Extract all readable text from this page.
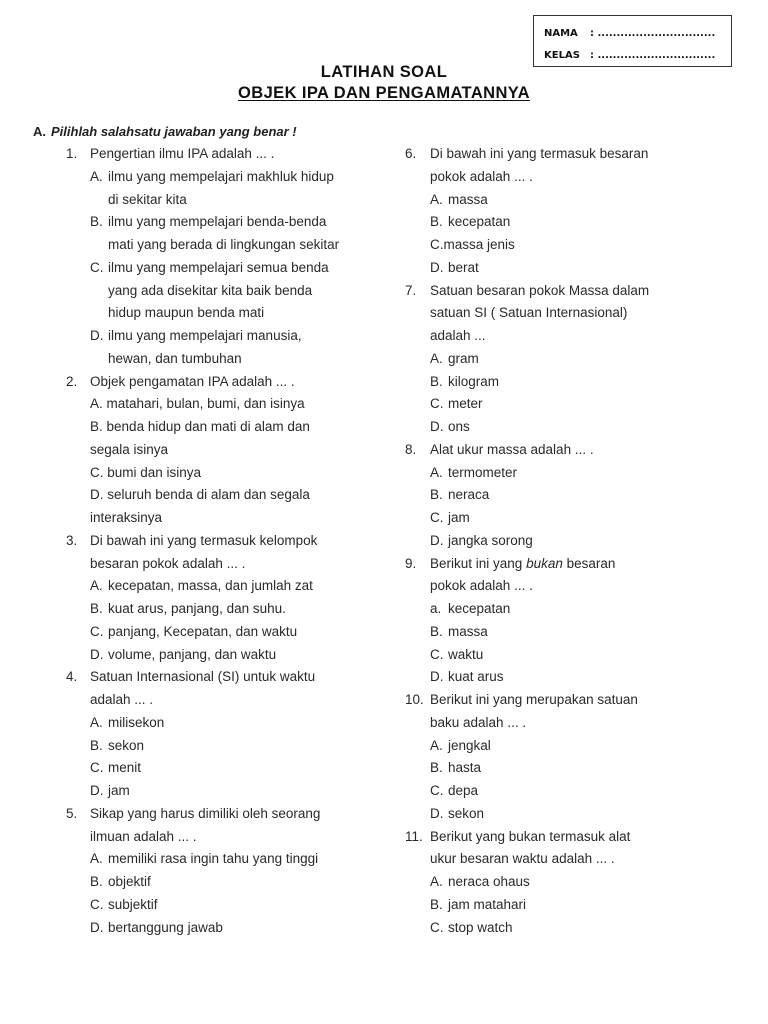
NAMA : ...............................
KELAS : ...............................
LATIHAN SOAL
OBJEK IPA DAN PENGAMATANNYA
A. Pilihlah salahsatu jawaban yang benar !
1. Pengertian ilmu IPA adalah ... .
A. ilmu yang mempelajari makhluk hidup
di sekitar kita
B. ilmu yang mempelajari benda-benda
mati yang berada di lingkungan sekitar
C. ilmu yang mempelajari semua benda
yang ada disekitar kita baik benda
hidup maupun benda mati
D. ilmu yang mempelajari manusia,
hewan, dan tumbuhan
2. Objek pengamatan IPA adalah ... .
A. matahari, bulan, bumi, dan isinya
B. benda hidup dan mati di alam dan
segala isinya
C. bumi dan isinya
D. seluruh benda di alam dan segala
interaksinya
3. Di bawah ini yang termasuk kelompok
besaran pokok adalah ... .
A. kecepatan, massa, dan jumlah zat
B. kuat arus, panjang, dan suhu.
C. panjang, Kecepatan, dan waktu
D. volume, panjang, dan waktu
4. Satuan Internasional (SI) untuk waktu
adalah ... .
A. milisekon
B. sekon
C. menit
D. jam
5. Sikap yang harus dimiliki oleh seorang
ilmuan adalah ... .
A. memiliki rasa ingin tahu yang tinggi
B. objektif
C. subjektif
D. bertanggung jawab
6.	Di bawah ini yang termasuk besaran
pokok adalah ... .
A. massa
B. kecepatan
C.massa jenis
D. berat
7.	Satuan besaran pokok Massa dalam
satuan SI ( Satuan Internasional)
adalah ...
A. gram
B. kilogram
C. meter
D. ons
8.	Alat ukur massa adalah ... .
A. termometer
B. neraca
C. jam
D. jangka sorong
9.	Berikut ini yang bukan besaran
pokok adalah ... .
a. kecepatan
B. massa
C. waktu
D. kuat arus
10. Berikut ini yang merupakan satuan
baku adalah ... .
A. jengkal
B. hasta
C. depa
D. sekon
11. Berikut yang bukan termasuk alat
ukur besaran waktu adalah ... .
A. neraca ohaus
B. jam matahari
C. stop watch
